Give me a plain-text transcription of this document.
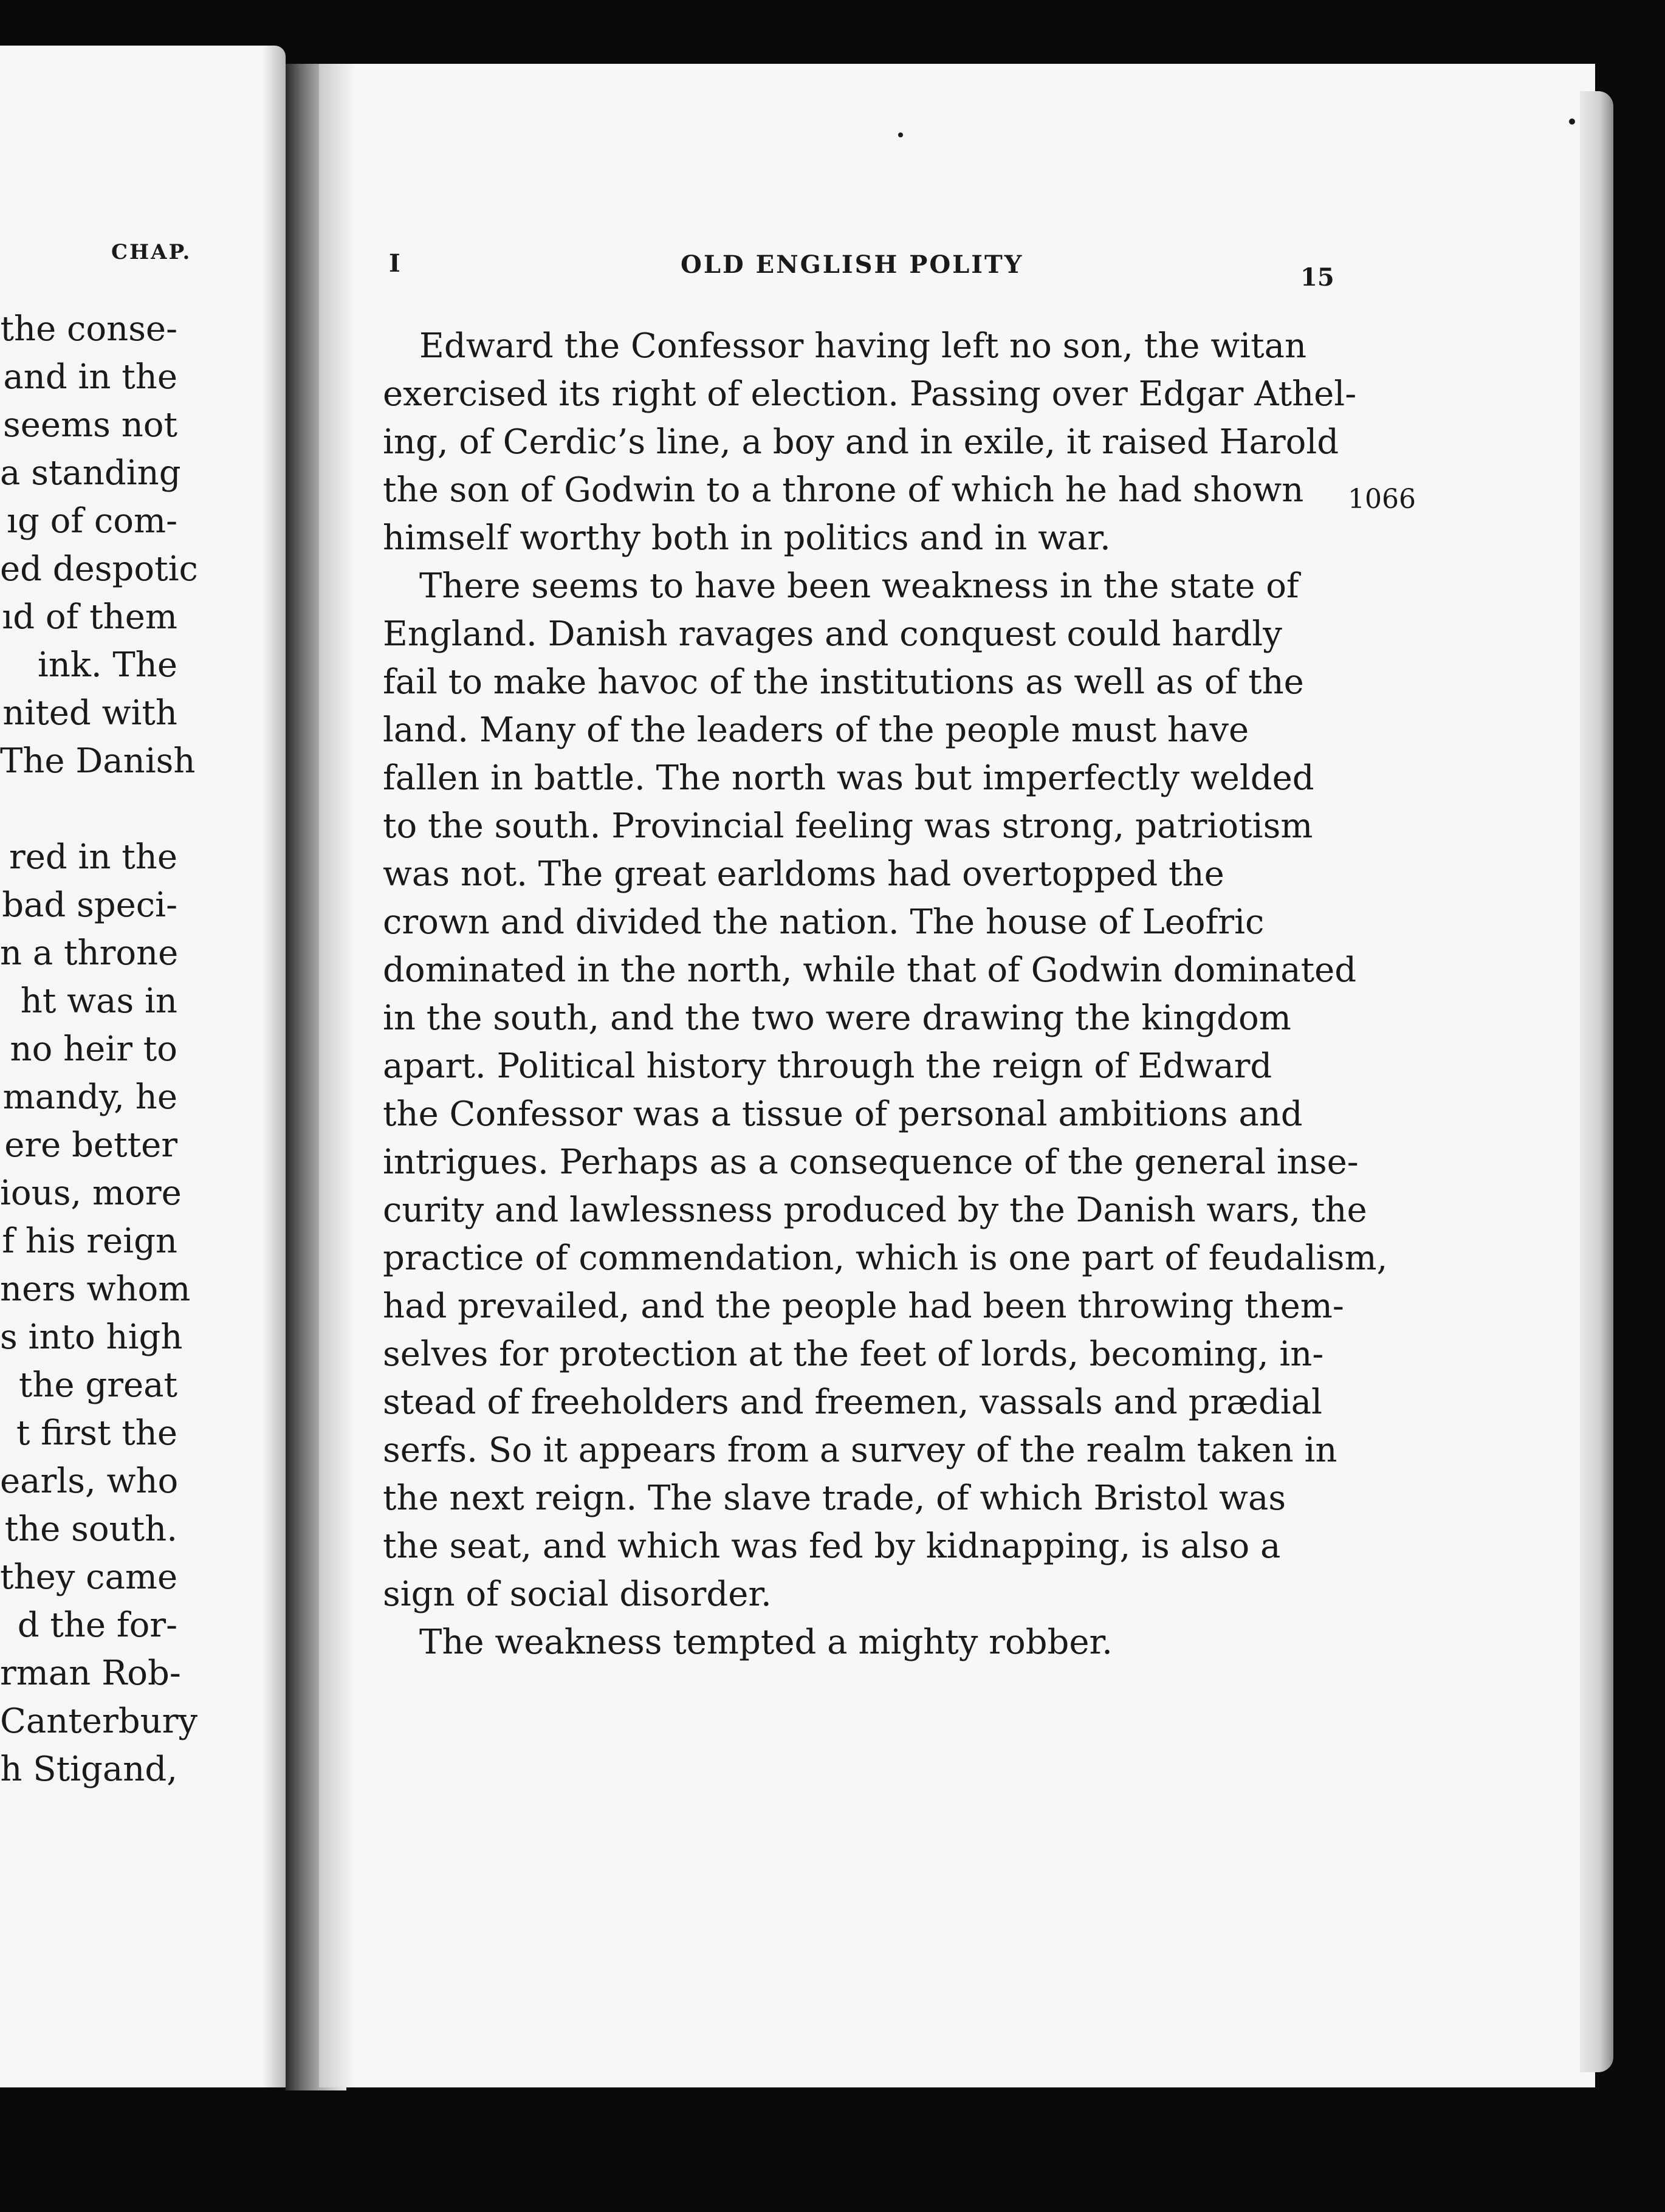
CHAP.
the conse-
and in the
seems not
a standing
ıg of com-
ed despotic
ıd of them
ink. The
nited with
The Danish
red in the
bad speci-
n a throne
ht was in
no heir to
mandy, he
ere better
ious, more
f his reign
ners whom
s into high
the great
t first the
earls, who
the south.
they came
d the for-
rman Rob-
Canterbury
h Stigand,
I	OLD ENGLISH POLITY	15
Edward the Confessor having left no son, the witan
exercised its right of election. Passing over Edgar Athel-
ing, of Cerdic’s line, a boy and in exile, it raised Harold
the son of Godwin to a throne of which he had shown
himself worthy both in politics and in war.
There seems to have been weakness in the state of
England. Danish ravages and conquest could hardly
fail to make havoc of the institutions as well as of the
land. Many of the leaders of the people must have
fallen in battle. The north was but imperfectly welded
to the south. Provincial feeling was strong, patriotism
was not. The great earldoms had overtopped the
crown and divided the nation. The house of Leofric
dominated in the north, while that of Godwin dominated
in the south, and the two were drawing the kingdom
apart. Political history through the reign of Edward
the Confessor was a tissue of personal ambitions and
intrigues. Perhaps as a consequence of the general inse-
curity and lawlessness produced by the Danish wars, the
practice of commendation, which is one part of feudalism,
had prevailed, and the people had been throwing them-
selves for protection at the feet of lords, becoming, in-
stead of freeholders and freemen, vassals and prædial
serfs. So it appears from a survey of the realm taken in
the next reign. The slave trade, of which Bristol was
the seat, and which was fed by kidnapping, is also a
sign of social disorder.
The weakness tempted a mighty robber.
1066
